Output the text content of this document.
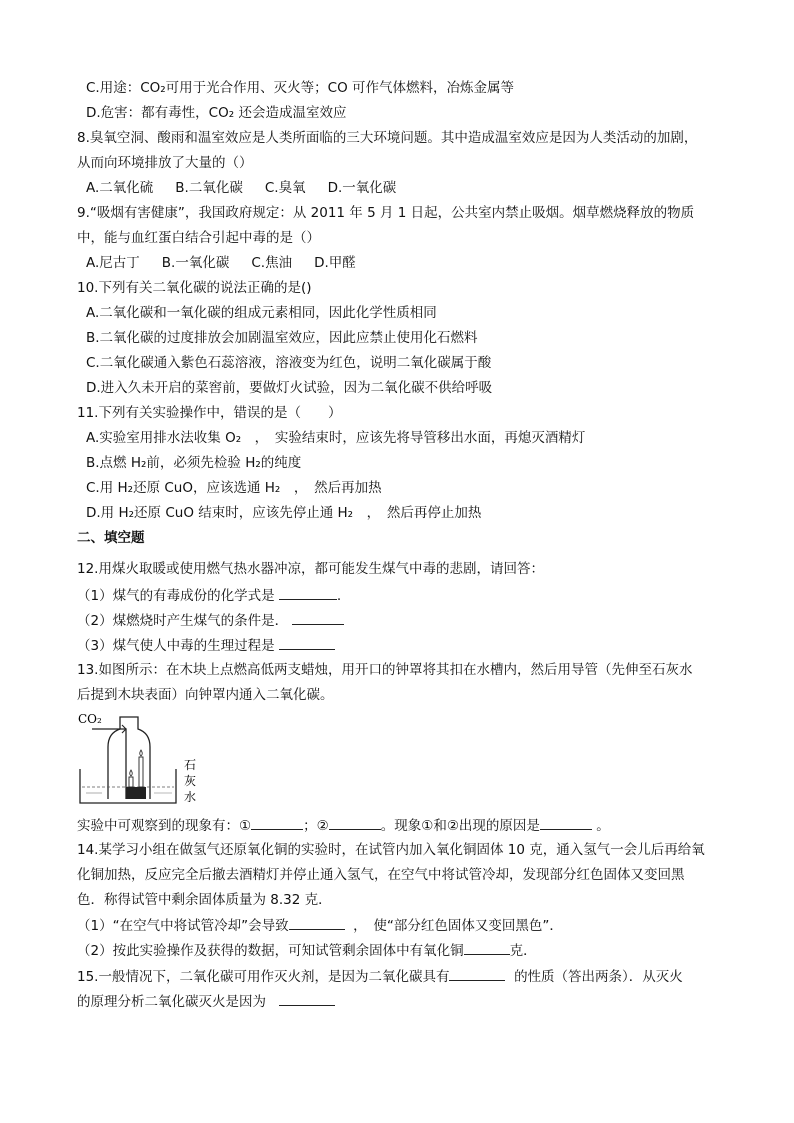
C.用途：CO₂可用于光合作用、灭火等；CO 可作气体燃料，冶炼金属等
D.危害：都有毒性，CO₂ 还会造成温室效应
8.臭氧空洞、酸雨和温室效应是人类所面临的三大环境问题。其中造成温室效应是因为人类活动的加剧，
从而向环境排放了大量的（）
A.二氧化硫 B.二氧化碳 C.臭氧 D.一氧化碳
9.“吸烟有害健康”，我国政府规定：从 2011 年 5 月 1 日起，公共室内禁止吸烟。烟草燃烧释放的物质
中，能与血红蛋白结合引起中毒的是（）
A.尼古丁 B.一氧化碳 C.焦油 D.甲醛
10.下列有关二氧化碳的说法正确的是()
A.二氧化碳和一氧化碳的组成元素相同，因此化学性质相同
B.二氧化碳的过度排放会加剧温室效应，因此应禁止使用化石燃料
C.二氧化碳通入紫色石蕊溶液，溶液变为红色，说明二氧化碳属于酸
D.进入久未开启的菜窖前，要做灯火试验，因为二氧化碳不供给呼吸
11.下列有关实验操作中，错误的是（　　）
A.实验室用排水法收集 O₂　，　实验结束时，应该先将导管移出水面，再熄灭酒精灯
B.点燃 H₂前，必须先检验 H₂的纯度
C.用 H₂还原 CuO，应该选通 H₂　，　然后再加热
D.用 H₂还原 CuO 结束时，应该先停止通 H₂　，　然后再停止加热
二、填空题
12.用煤火取暖或使用燃气热水器冲凉，都可能发生煤气中毒的悲剧，请回答：
（1）煤气的有毒成份的化学式是	.
（2）煤燃烧时产生煤气的条件是．
（3）煤气使人中毒的生理过程是
13.如图所示：在木块上点燃高低两支蜡烛，用开口的钟罩将其扣在水槽内，然后用导管（先伸至石灰水
后提到木块表面）向钟罩内通入二氧化碳。
CO₂
石
灰
水
实验中可观察到的现象有：①	；②	。现象①和②出现的原因是	。
14.某学习小组在做氢气还原氧化铜的实验时，在试管内加入氧化铜固体 10 克，通入氢气一会儿后再给氧
化铜加热，反应完全后撤去酒精灯并停止通入氢气，在空气中将试管冷却，发现部分红色固体又变回黑
色．称得试管中剩余固体质量为 8.32 克．
（1）“在空气中将试管冷却”会导致	，　使“部分红色固体又变回黑色”．
（2）按此实验操作及获得的数据，可知试管剩余固体中有氧化铜	克．
15.一般情况下，二氧化碳可用作灭火剂，是因为二氧化碳具有	的性质（答出两条）．从灭火
的原理分析二氧化碳灭火是因为
